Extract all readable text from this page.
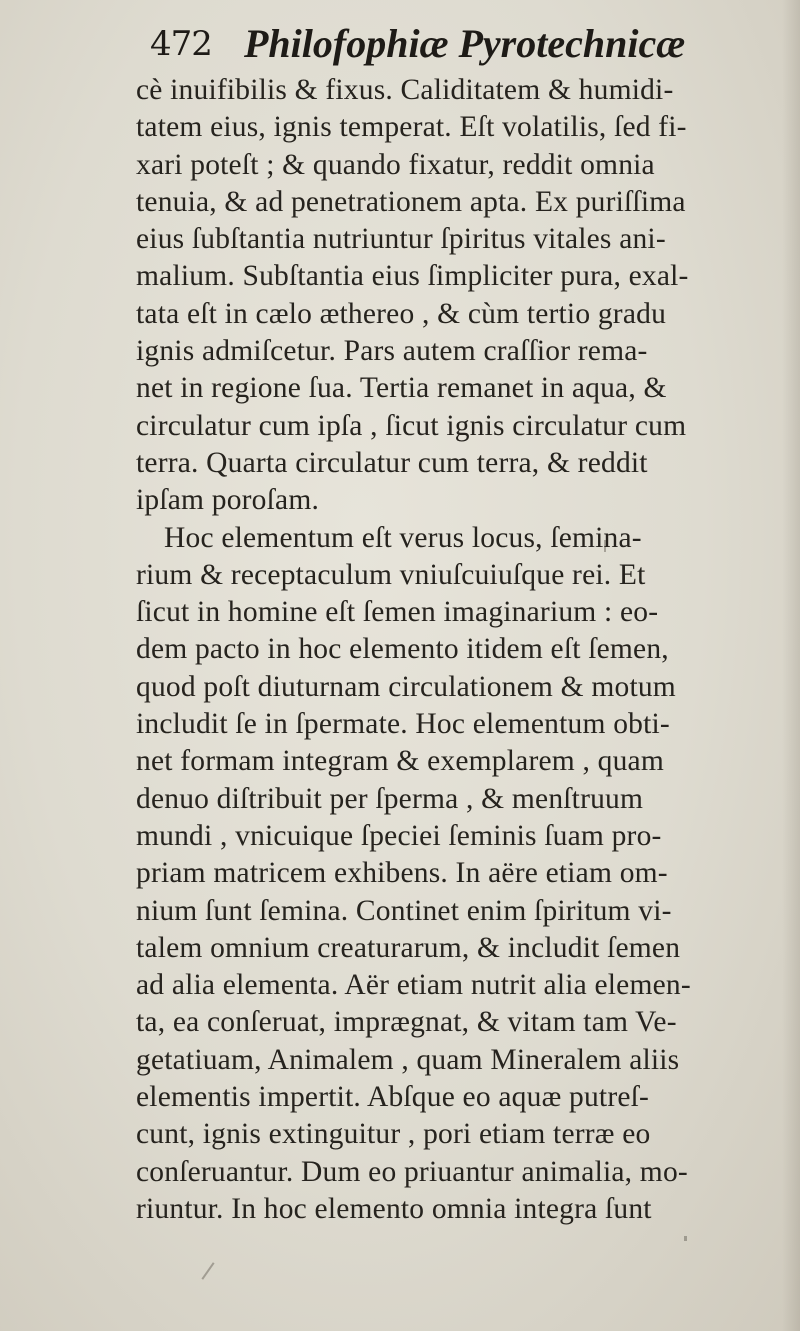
472 Philofophiæ Pyrotechnicæ
cè inuifibilis & fixus. Caliditatem & humidi-
tatem eius, ignis temperat. Eſt volatilis, ſed fi-
xari poteſt ; & quando fixatur, reddit omnia
tenuia, & ad penetrationem apta. Ex puriſſima
eius ſubſtantia nutriuntur ſpiritus vitales ani-
malium. Subſtantia eius ſimpliciter pura, exal-
tata eſt in cælo æthereo , & cùm tertio gradu
ignis admiſcetur. Pars autem craſſior rema-
net in regione ſua. Tertia remanet in aqua, &
circulatur cum ipſa , ſicut ignis circulatur cum
terra. Quarta circulatur cum terra, & reddit
ipſam poroſam.
Hoc elementum eſt verus locus, ſemina-
rium & receptaculum vniuſcuiuſque rei. Et
ſicut in homine eſt ſemen imaginarium : eo-
dem pacto in hoc elemento itidem eſt ſemen,
quod poſt diuturnam circulationem & motum
includit ſe in ſpermate. Hoc elementum obti-
net formam integram & exemplarem , quam
denuo diſtribuit per ſperma , & menſtruum
mundi , vnicuique ſpeciei ſeminis ſuam pro-
priam matricem exhibens. In aëre etiam om-
nium ſunt ſemina. Continet enim ſpiritum vi-
talem omnium creaturarum, & includit ſemen
ad alia elementa. Aër etiam nutrit alia elemen-
ta, ea conſeruat, imprægnat, & vitam tam Ve-
getatiuam, Animalem , quam Mineralem aliis
elementis impertit. Abſque eo aquæ putreſ-
cunt, ignis extinguitur , pori etiam terræ eo
conſeruantur. Dum eo priuantur animalia, mo-
riuntur. In hoc elemento omnia integra ſunt
